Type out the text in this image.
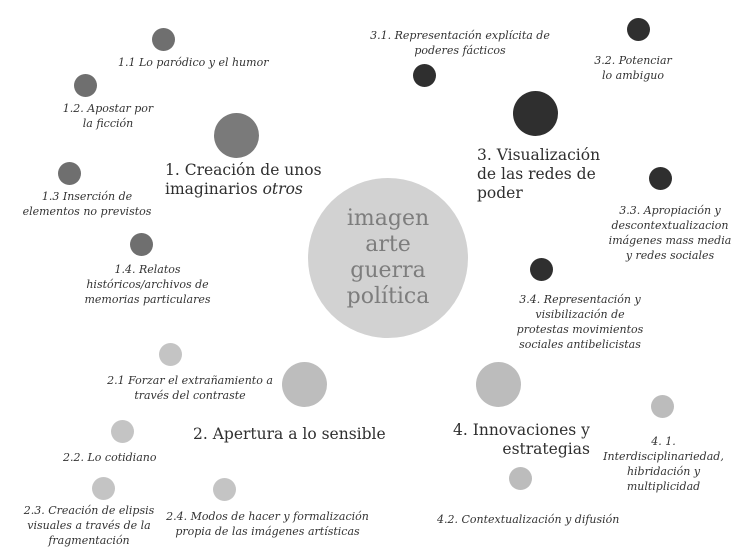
imagen
arte
guerra
política
1. Creación de unos
imaginarios otros
3. Visualización
de las redes de
poder
2. Apertura a lo sensible	4. Innovaciones y
estrategias
1.1 Lo paródico y el humor
1.2. Apostar por
la ficción
1.3 Inserción de
elementos no previstos
1.4. Relatos
históricos/archivos de
memorias particulares
3.1. Representación explícita de
poderes fácticos
3.2. Potenciar
lo ambiguo
3.3. Apropiación y
descontextualizacion
imágenes mass media
y redes sociales
3.4. Representación y
visibilización de
protestas movimientos
sociales antibelicistas
2.1 Forzar el extrañamiento a
través del contraste
2.2. Lo cotidiano
2.3. Creación de elipsis
visuales a través de la
fragmentación
2.4. Modos de hacer y formalización
propia de las imágenes artísticas
4. 1.
Interdisciplinariedad,
hibridación y
multiplicidad
4.2. Contextualización y difusión
